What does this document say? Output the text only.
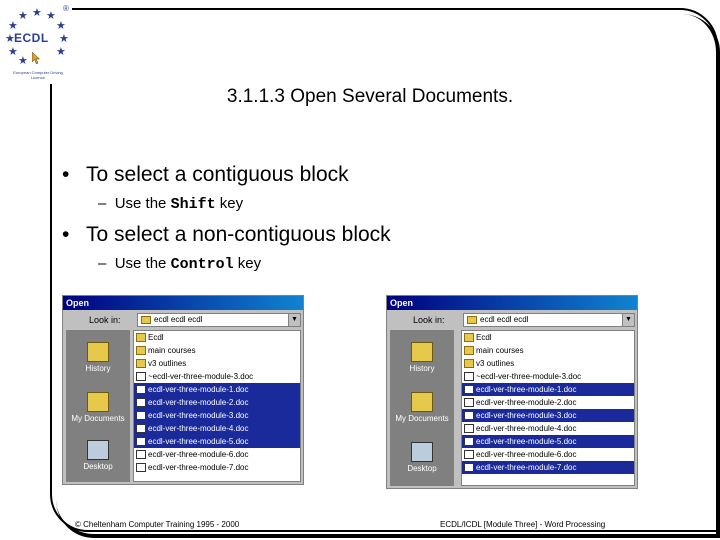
★ ★
★
★
★
★
★
★
★
★
ECDL
®
European Computer Driving Licence
3.1.1.3 Open Several Documents.
• To select a contiguous block
– Use the Shift key
• To select a non-contiguous block
– Use the Control key
Open
Look in:	ecdl ecdl ecdl	▼
History
My Documents
Desktop
Ecdl
main courses
v3 outlines
~ecdl-ver-three-module-3.doc
ecdl-ver-three-module-1.doc
ecdl-ver-three-module-2.doc
ecdl-ver-three-module-3.doc
ecdl-ver-three-module-4.doc
ecdl-ver-three-module-5.doc
ecdl-ver-three-module-6.doc
ecdl-ver-three-module-7.doc
Open
Look in:	ecdl ecdl ecdl	▼
History
My Documents
Desktop
Ecdl
main courses
v3 outlines
~ecdl-ver-three-module-3.doc
ecdl-ver-three-module-1.doc
ecdl-ver-three-module-2.doc
ecdl-ver-three-module-3.doc
ecdl-ver-three-module-4.doc
ecdl-ver-three-module-5.doc
ecdl-ver-three-module-6.doc
ecdl-ver-three-module-7.doc
© Cheltenham Computer Training 1995 - 2000	ECDL/ICDL [Module Three] - Word Processing
